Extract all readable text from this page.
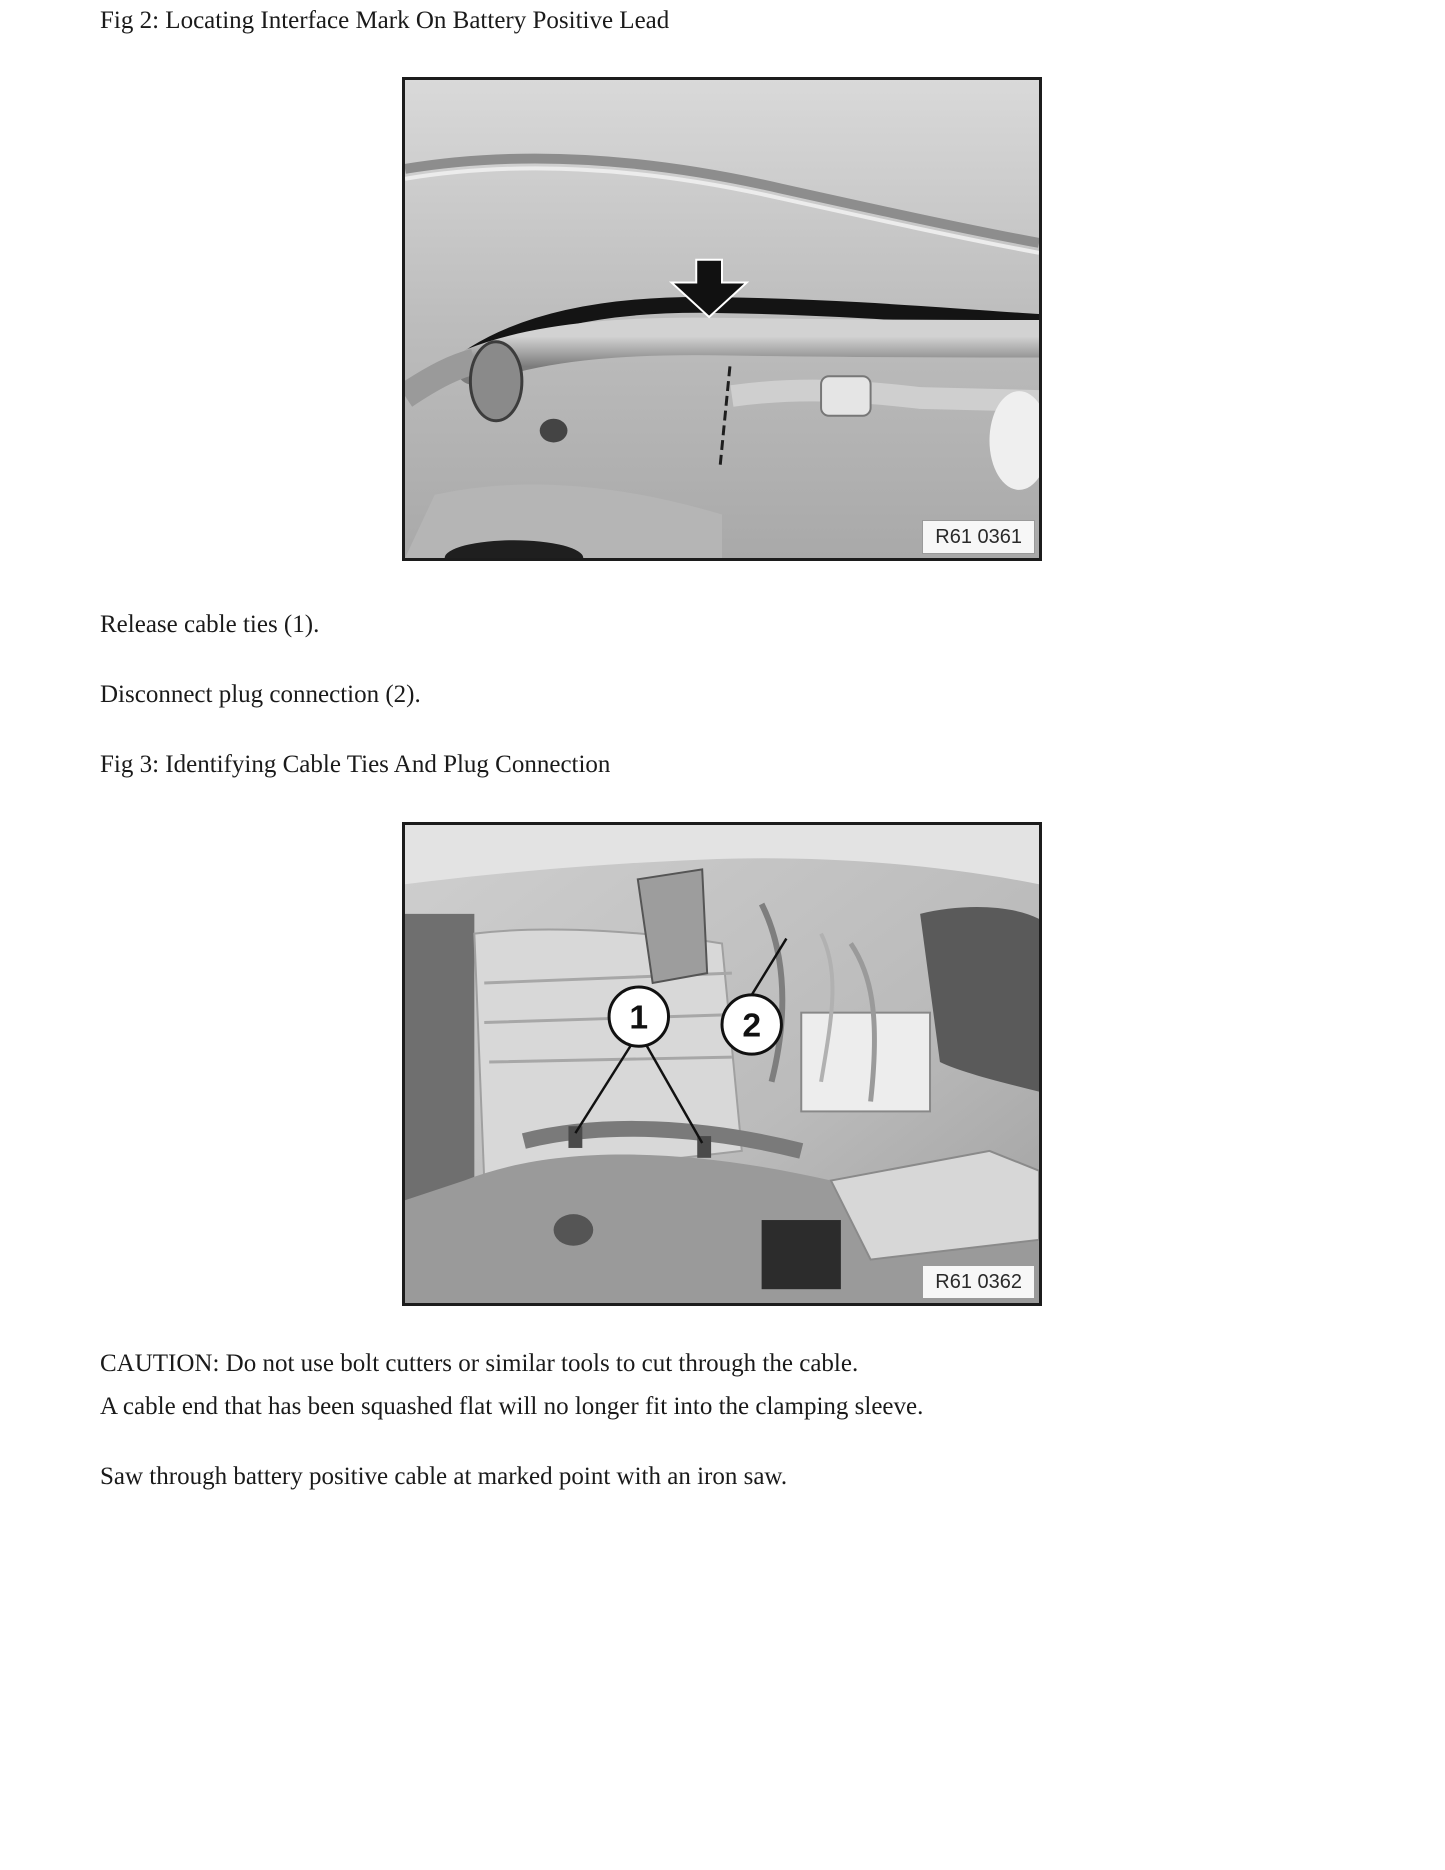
Fig 2: Locating Interface Mark On Battery Positive Lead
R61 0361
Release cable ties (1).
Disconnect plug connection (2).
Fig 3: Identifying Cable Ties And Plug Connection
1	2
R61 0362
CAUTION: Do not use bolt cutters or similar tools to cut through the cable.
A cable end that has been squashed flat will no longer fit into the clamping sleeve.
Saw through battery positive cable at marked point with an iron saw.
